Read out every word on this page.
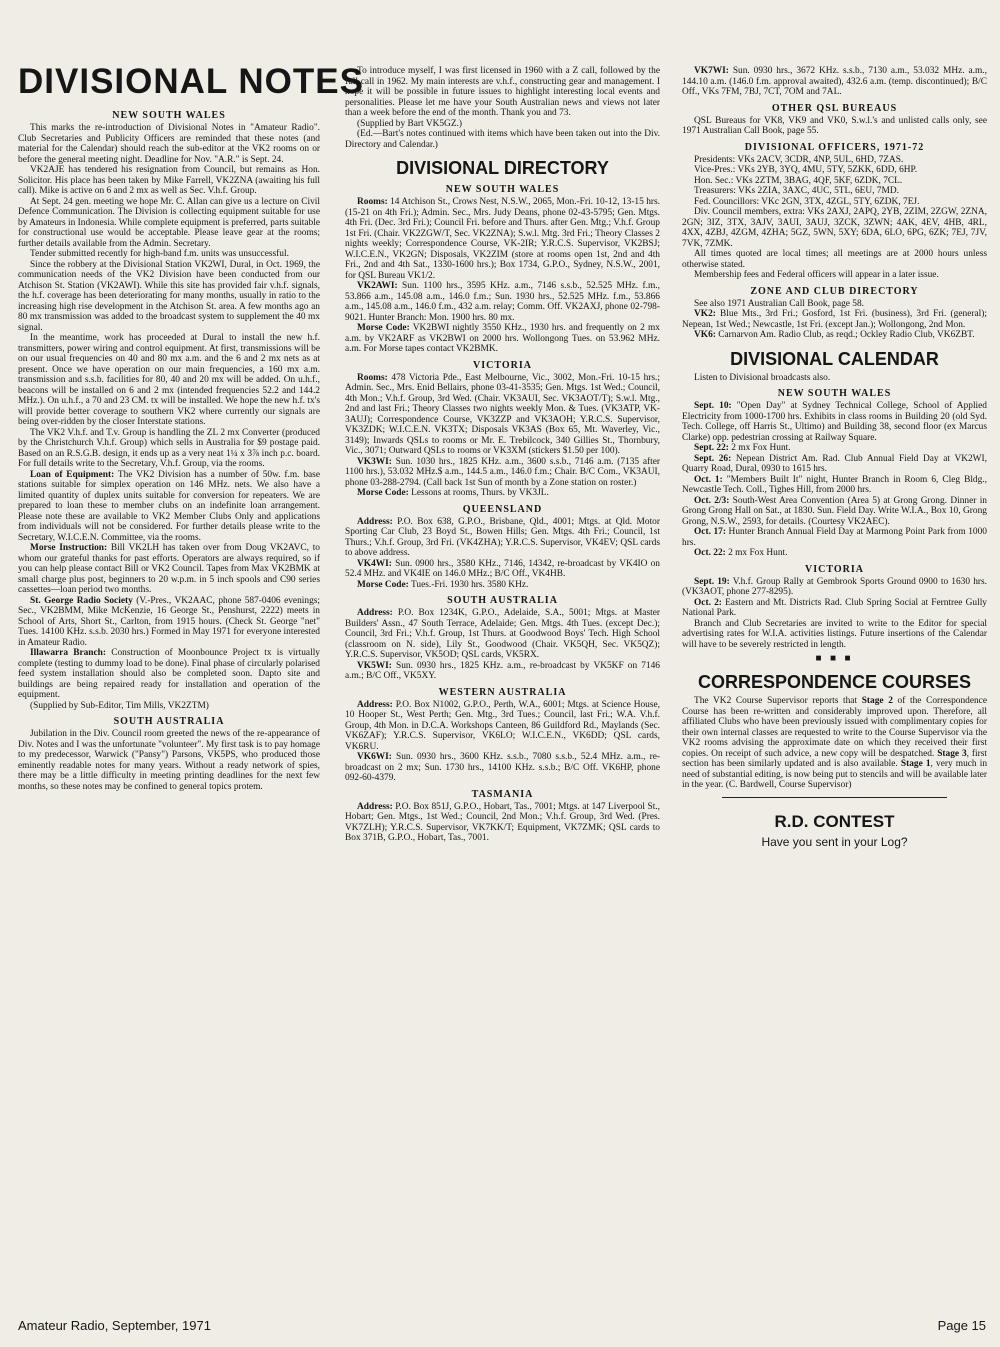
DIVISIONAL NOTES
NEW SOUTH WALES

This marks the re-introduction of Divisional Notes in "Amateur Radio". Club Secretaries and Publicity Officers are reminded that these notes (and material for the Calendar) should reach the sub-editor at the VK2 rooms on or before the general meeting night. Deadline for Nov. "A.R." is Sept. 24.

VK2AJE has tendered his resignation from Council, but remains as Hon. Solicitor. His place has been taken by Mike Farrell, VK2ZNA (awaiting his full call). Mike is active on 6 and 2 mx as well as Sec. V.h.f. Group.

At Sept. 24 gen. meeting we hope Mr. C. Allan can give us a lecture on Civil Defence Communication. The Division is collecting equipment suitable for use by Amateurs in Indonesia. While complete equipment is preferred, parts suitable for constructional use would be acceptable. Please leave gear at the rooms; further details available from the Admin. Secretary.

Tender submitted recently for high-band f.m. units was unsuccessful.

Since the robbery at the Divisional Station VK2WI, Dural, in Oct. 1969, the communication needs of the VK2 Division have been conducted from our Atchison St. Station (VK2AWI). While this site has provided fair v.h.f. signals, the h.f. coverage has been deteriorating for many months, usually in ratio to the increasing high rise development in the Atchison St. area. A few months ago an 80 mx transmission was added to the broadcast system to supplement the 40 mx signal.

In the meantime, work has proceeded at Dural to install the new h.f. transmitters, power wiring and control equipment. At first, transmissions will be on our usual frequencies on 40 and 80 mx a.m. and the 6 and 2 mx nets as at present. Once we have operation on our main frequencies, a 160 mx a.m. transmission and s.s.b. facilities for 80, 40 and 20 mx will be added. On u.h.f., beacons will be installed on 6 and 2 mx (intended frequencies 52.2 and 144.2 MHz.). On u.h.f., a 70 and 23 CM. tx will be installed. We hope the new h.f. tx's will provide better coverage to southern VK2 where currently our signals are being over-ridden by the closer Interstate stations.

The VK2 V.h.f. and T.v. Group is handling the ZL 2 mx Converter (produced by the Christchurch V.h.f. Group) which sells in Australia for $9 postage paid. Based on an R.S.G.B. design, it ends up as a very neat 1¼ x 3⅞ inch p.c. board. For full details write to the Secretary, V.h.f. Group, via the rooms.

Loan of Equipment: The VK2 Division has a number of 50w. f.m. base stations suitable for simplex operation on 146 MHz. nets. We also have a limited quantity of duplex units suitable for conversion for repeaters. We are prepared to loan these to member clubs on an indefinite loan arrangement. Please note these are available to VK2 Member Clubs Only and applications from individuals will not be considered. For further details please write to the Secretary, W.I.C.E.N. Committee, via the rooms.

Morse Instruction: Bill VK2LH has taken over from Doug VK2AVC, to whom our grateful thanks for past efforts. Operators are always required, so if you can help please contact Bill or VK2 Council. Tapes from Max VK2BMK at small charge plus post, beginners to 20 w.p.m. in 5 inch spools and C90 series cassettes—loan period two months.

St. George Radio Society (V.-Pres., VK2AAC, phone 587-0406 evenings; Sec., VK2BMM, Mike McKenzie, 16 George St., Penshurst, 2222) meets in School of Arts, Short St., Carlton, from 1915 hours. (Check St. George "net" Tues. 14100 KHz. s.s.b. 2030 hrs.) Formed in May 1971 for everyone interested in Amateur Radio.

Illawarra Branch: Construction of Moonbounce Project tx is virtually complete (testing to dummy load to be done). Final phase of circularly polarised feed system installation should also be completed soon. Dapto site and buildings are being repaired ready for installation and operation of the equipment.

(Supplied by Sub-Editor, Tim Mills, VK2ZTM)

SOUTH AUSTRALIA

Jubilation in the Div. Council room greeted the news of the re-appearance of Div. Notes and I was the unfortunate "volunteer". My first task is to pay homage to my predecessor, Warwick ("Pansy") Parsons, VK5PS, who produced those eminently readable notes for many years. Without a ready network of spies, there may be a little difficulty in meeting printing deadlines for the next few months, so these notes may be confined to general topics protem.

To introduce myself, I was first licensed in 1960 with a Z call, followed by the full call in 1962. My main interests are v.h.f., constructing gear and management. I hope it will be possible in future issues to highlight interesting local events and personalities. Please let me have your South Australian news and views not later than a week before the end of the month. Thank you and 73.

(Supplied by Bart VK5GZ.)

(Ed.—Bart's notes continued with items which have been taken out into the Div. Directory and Calendar.)

DIVISIONAL DIRECTORY
NEW SOUTH WALES

Rooms: 14 Atchison St., Crows Nest, N.S.W., 2065, Mon.-Fri. 10-12, 13-15 hrs. (15-21 on 4th Fri.); Admin. Sec., Mrs. Judy Deans, phone 02-43-5795; Gen. Mtgs. 4th Fri. (Dec. 3rd Fri.); Council Fri. before and Thurs. after Gen. Mtg.; V.h.f. Group 1st Fri. (Chair. VK2ZGW/T, Sec. VK2ZNA); S.w.l. Mtg. 3rd Fri.; Theory Classes 2 nights weekly; Correspondence Course, VK-2IR; Y.R.C.S. Supervisor, VK2BSJ; W.I.C.E.N., VK2GN; Disposals, VK2ZIM (store at rooms open 1st, 2nd and 4th Fri., 2nd and 4th Sat., 1330-1600 hrs.); Box 1734, G.P.O., Sydney, N.S.W., 2001, for QSL Bureau VK1/2.

VK2AWI: Sun. 1100 hrs., 3595 KHz. a.m., 7146 s.s.b., 52.525 MHz. f.m., 53.866 a.m., 145.08 a.m., 146.0 f.m.; Sun. 1930 hrs., 52.525 MHz. f.m., 53.866 a.m., 145.08 a.m., 146.0 f.m., 432 a.m. relay; Comm. Off. VK2AXJ, phone 02-798-9021. Hunter Branch: Mon. 1900 hrs. 80 mx.

Morse Code: VK2BWI nightly 3550 KHz., 1930 hrs. and frequently on 2 mx a.m. by VK2ARF as VK2BWI on 2000 hrs. Wollongong Tues. on 53.962 MHz. a.m. For Morse tapes contact VK2BMK.

VICTORIA

Rooms: 478 Victoria Pde., East Melbourne, Vic., 3002, Mon.-Fri. 10-15 hrs.; Admin. Sec., Mrs. Enid Bellairs, phone 03-41-3535; Gen. Mtgs. 1st Wed.; Council, 4th Mon.; V.h.f. Group, 3rd Wed. (Chair. VK3AUI, Sec. VK3AOT/T); S.w.l. Mtg., 2nd and last Fri.; Theory Classes two nights weekly Mon. & Tues. (VK3ATP, VK-3AUJ); Correspondence Course, VK3ZZP and VK3AOH; Y.R.C.S. Supervisor, VK3ZDK; W.I.C.E.N. VK3TX; Disposals VK3AS (Box 65, Mt. Waverley, Vic., 3149); Inwards QSLs to rooms or Mr. E. Trebilcock, 340 Gillies St., Thornbury, Vic., 3071; Outward QSLs to rooms or VK3XM (stickers $1.50 per 100).

VK3WI: Sun. 1030 hrs., 1825 KHz. a.m., 3600 s.s.b., 7146 a.m. (7135 after 1100 hrs.), 53.032 MHz.$ a.m., 144.5 a.m., 146.0 f.m.; Chair. B/C Com., VK3AUI, phone 03-288-2794. (Call back 1st Sun of month by a Zone station on roster.)

Morse Code: Lessons at rooms, Thurs. by VK3JL.

QUEENSLAND

Address: P.O. Box 638, G.P.O., Brisbane, Qld., 4001; Mtgs. at Qld. Motor Sporting Car Club, 23 Boyd St., Bowen Hills; Gen. Mtgs. 4th Fri.; Council, 1st Thurs.; V.h.f. Group, 3rd Fri. (VK4ZHA); Y.R.C.S. Supervisor, VK4EV; QSL cards to above address.

VK4WI: Sun. 0900 hrs., 3580 KHz., 7146, 14342, re-broadcast by VK4IO on 52.4 MHz. and VK4IE on 146.0 MHz.; B/C Off., VK4HB.

Morse Code: Tues.-Fri. 1930 hrs. 3580 KHz.

SOUTH AUSTRALIA

Address: P.O. Box 1234K, G.P.O., Adelaide, S.A., 5001; Mtgs. at Master Builders' Assn., 47 South Terrace, Adelaide; Gen. Mtgs. 4th Tues. (except Dec.); Council, 3rd Fri.; V.h.f. Group, 1st Thurs. at Goodwood Boys' Tech. High School (classroom on N. side), Lily St., Goodwood (Chair. VK5QH, Sec. VK5QZ); Y.R.C.S. Supervisor, VK5OD; QSL cards, VK5RX.

VK5WI: Sun. 0930 hrs., 1825 KHz. a.m., re-broadcast by VK5KF on 7146 a.m.; B/C Off., VK5XY.

WESTERN AUSTRALIA

Address: P.O. Box N1002, G.P.O., Perth, W.A., 6001; Mtgs. at Science House, 10 Hooper St., West Perth; Gen. Mtg., 3rd Tues.; Council, last Fri.; W.A. V.h.f. Group, 4th Mon. in D.C.A. Workshops Canteen, 86 Guildford Rd., Maylands (Sec. VK6ZAF); Y.R.C.S. Supervisor, VK6LO; W.I.C.E.N., VK6DD; QSL cards, VK6RU.

VK6WI: Sun. 0930 hrs., 3600 KHz. s.s.b., 7080 s.s.b., 52.4 MHz. a.m., re-broadcast on 2 mx; Sun. 1730 hrs., 14100 KHz. s.s.b.; B/C Off. VK6HP, phone 092-60-4379.

TASMANIA

Address: P.O. Box 851J, G.P.O., Hobart, Tas., 7001; Mtgs. at 147 Liverpool St., Hobart; Gen. Mtgs., 1st Wed.; Council, 2nd Mon.; V.h.f. Group, 3rd Wed. (Pres. VK7ZLH); Y.R.C.S. Supervisor, VK7KK/T; Equipment, VK7ZMK; QSL cards to Box 371B, G.P.O., Hobart, Tas., 7001.

VK7WI: Sun. 0930 hrs., 3672 KHz. s.s.b., 7130 a.m., 53.032 MHz. a.m., 144.10 a.m. (146.0 f.m. approval awaited), 432.6 a.m. (temp. discontinued); B/C Off., VKs 7FM, 7BJ, 7CT, 7OM and 7AL.

OTHER QSL BUREAUS

QSL Bureaus for VK8, VK9 and VK0, S.w.l.'s and unlisted calls only, see 1971 Australian Call Book, page 55.

DIVISIONAL OFFICERS, 1971-72

Presidents: VKs 2ACV, 3CDR, 4NP, 5UL, 6HD, 7ZAS.

Vice-Pres.: VKs 2YB, 3YQ, 4MU, 5TY, 5ZKK, 6DD, 6HP.

Hon. Sec.: VKs 2ZTM, 3BAG, 4QF, 5KF, 6ZDK, 7CL.

Treasurers: VKs 2ZIA, 3AXC, 4UC, 5TL, 6EU, 7MD.

Fed. Councillors: VKc 2GN, 3TX, 4ZGL, 5TY, 6ZDK, 7EJ.

Div. Council members, extra: VKs 2AXJ, 2APQ, 2YB, 2ZIM, 2ZGW, 2ZNA, 2GN; 3IZ, 3TX, 3AJV, 3AUI, 3AUJ, 3ZCK, 3ZWN; 4AK, 4EV, 4HB, 4RL, 4XX, 4ZBJ, 4ZGM, 4ZHA; 5GZ, 5WN, 5XY; 6DA, 6LO, 6PG, 6ZK; 7EJ, 7JV, 7VK, 7ZMK.

All times quoted are local times; all meetings are at 2000 hours unless otherwise stated.

Membership fees and Federal officers will appear in a later issue.

ZONE AND CLUB DIRECTORY

See also 1971 Australian Call Book, page 58.

VK2: Blue Mts., 3rd Fri.; Gosford, 1st Fri. (business), 3rd Fri. (general); Nepean, 1st Wed.; Newcastle, 1st Fri. (except Jan.); Wollongong, 2nd Mon.

VK6: Carnarvon Am. Radio Club, as reqd.; Ockley Radio Club, VK6ZBT.

DIVISIONAL CALENDAR

Listen to Divisional broadcasts also.

NEW SOUTH WALES

Sept. 10: "Open Day" at Sydney Technical College, School of Applied Electricity from 1000-1700 hrs. Exhibits in class rooms in Building 20 (old Syd. Tech. College, off Harris St., Ultimo) and Building 38, second floor (ex Marcus Clarke) opp. pedestrian crossing at Railway Square.

Sept. 22: 2 mx Fox Hunt.

Sept. 26: Nepean District Am. Rad. Club Annual Field Day at VK2WI, Quarry Road, Dural, 0930 to 1615 hrs.

Oct. 1: "Members Built It" night, Hunter Branch in Room 6, Cleg Bldg., Newcastle Tech. Coll., Tighes Hill, from 2000 hrs.

Oct. 2/3: South-West Area Convention (Area 5) at Grong Grong. Dinner in Grong Grong Hall on Sat., at 1830. Sun. Field Day. Write W.I.A., Box 10, Grong Grong, N.S.W., 2593, for details. (Courtesy VK2AEC).

Oct. 17: Hunter Branch Annual Field Day at Marmong Point Park from 1000 hrs.

Oct. 22: 2 mx Fox Hunt.

VICTORIA

Sept. 19: V.h.f. Group Rally at Gembrook Sports Ground 0900 to 1630 hrs. (VK3AOT, phone 277-8295).

Oct. 2: Eastern and Mt. Districts Rad. Club Spring Social at Ferntree Gully National Park.

Branch and Club Secretaries are invited to write to the Editor for special advertising rates for W.I.A. activities listings. Future insertions of the Calendar will have to be severely restricted in length.

■ ■ ■
CORRESPONDENCE COURSES

The VK2 Course Supervisor reports that Stage 2 of the Correspondence Course has been re-written and considerably improved upon. Therefore, all affiliated Clubs who have been previously issued with complimentary copies for their own internal classes are requested to write to the Course Supervisor via the VK2 rooms advising the approximate date on which they received their first copies. On receipt of such advice, a new copy will be despatched. Stage 3, first section has been similarly updated and is also available. Stage 1, very much in need of substantial editing, is now being put to stencils and will be available later in the year. (C. Bardwell, Course Supervisor)

R.D. CONTEST
Have you sent in your Log?
Amateur Radio, September, 1971	Page 15
